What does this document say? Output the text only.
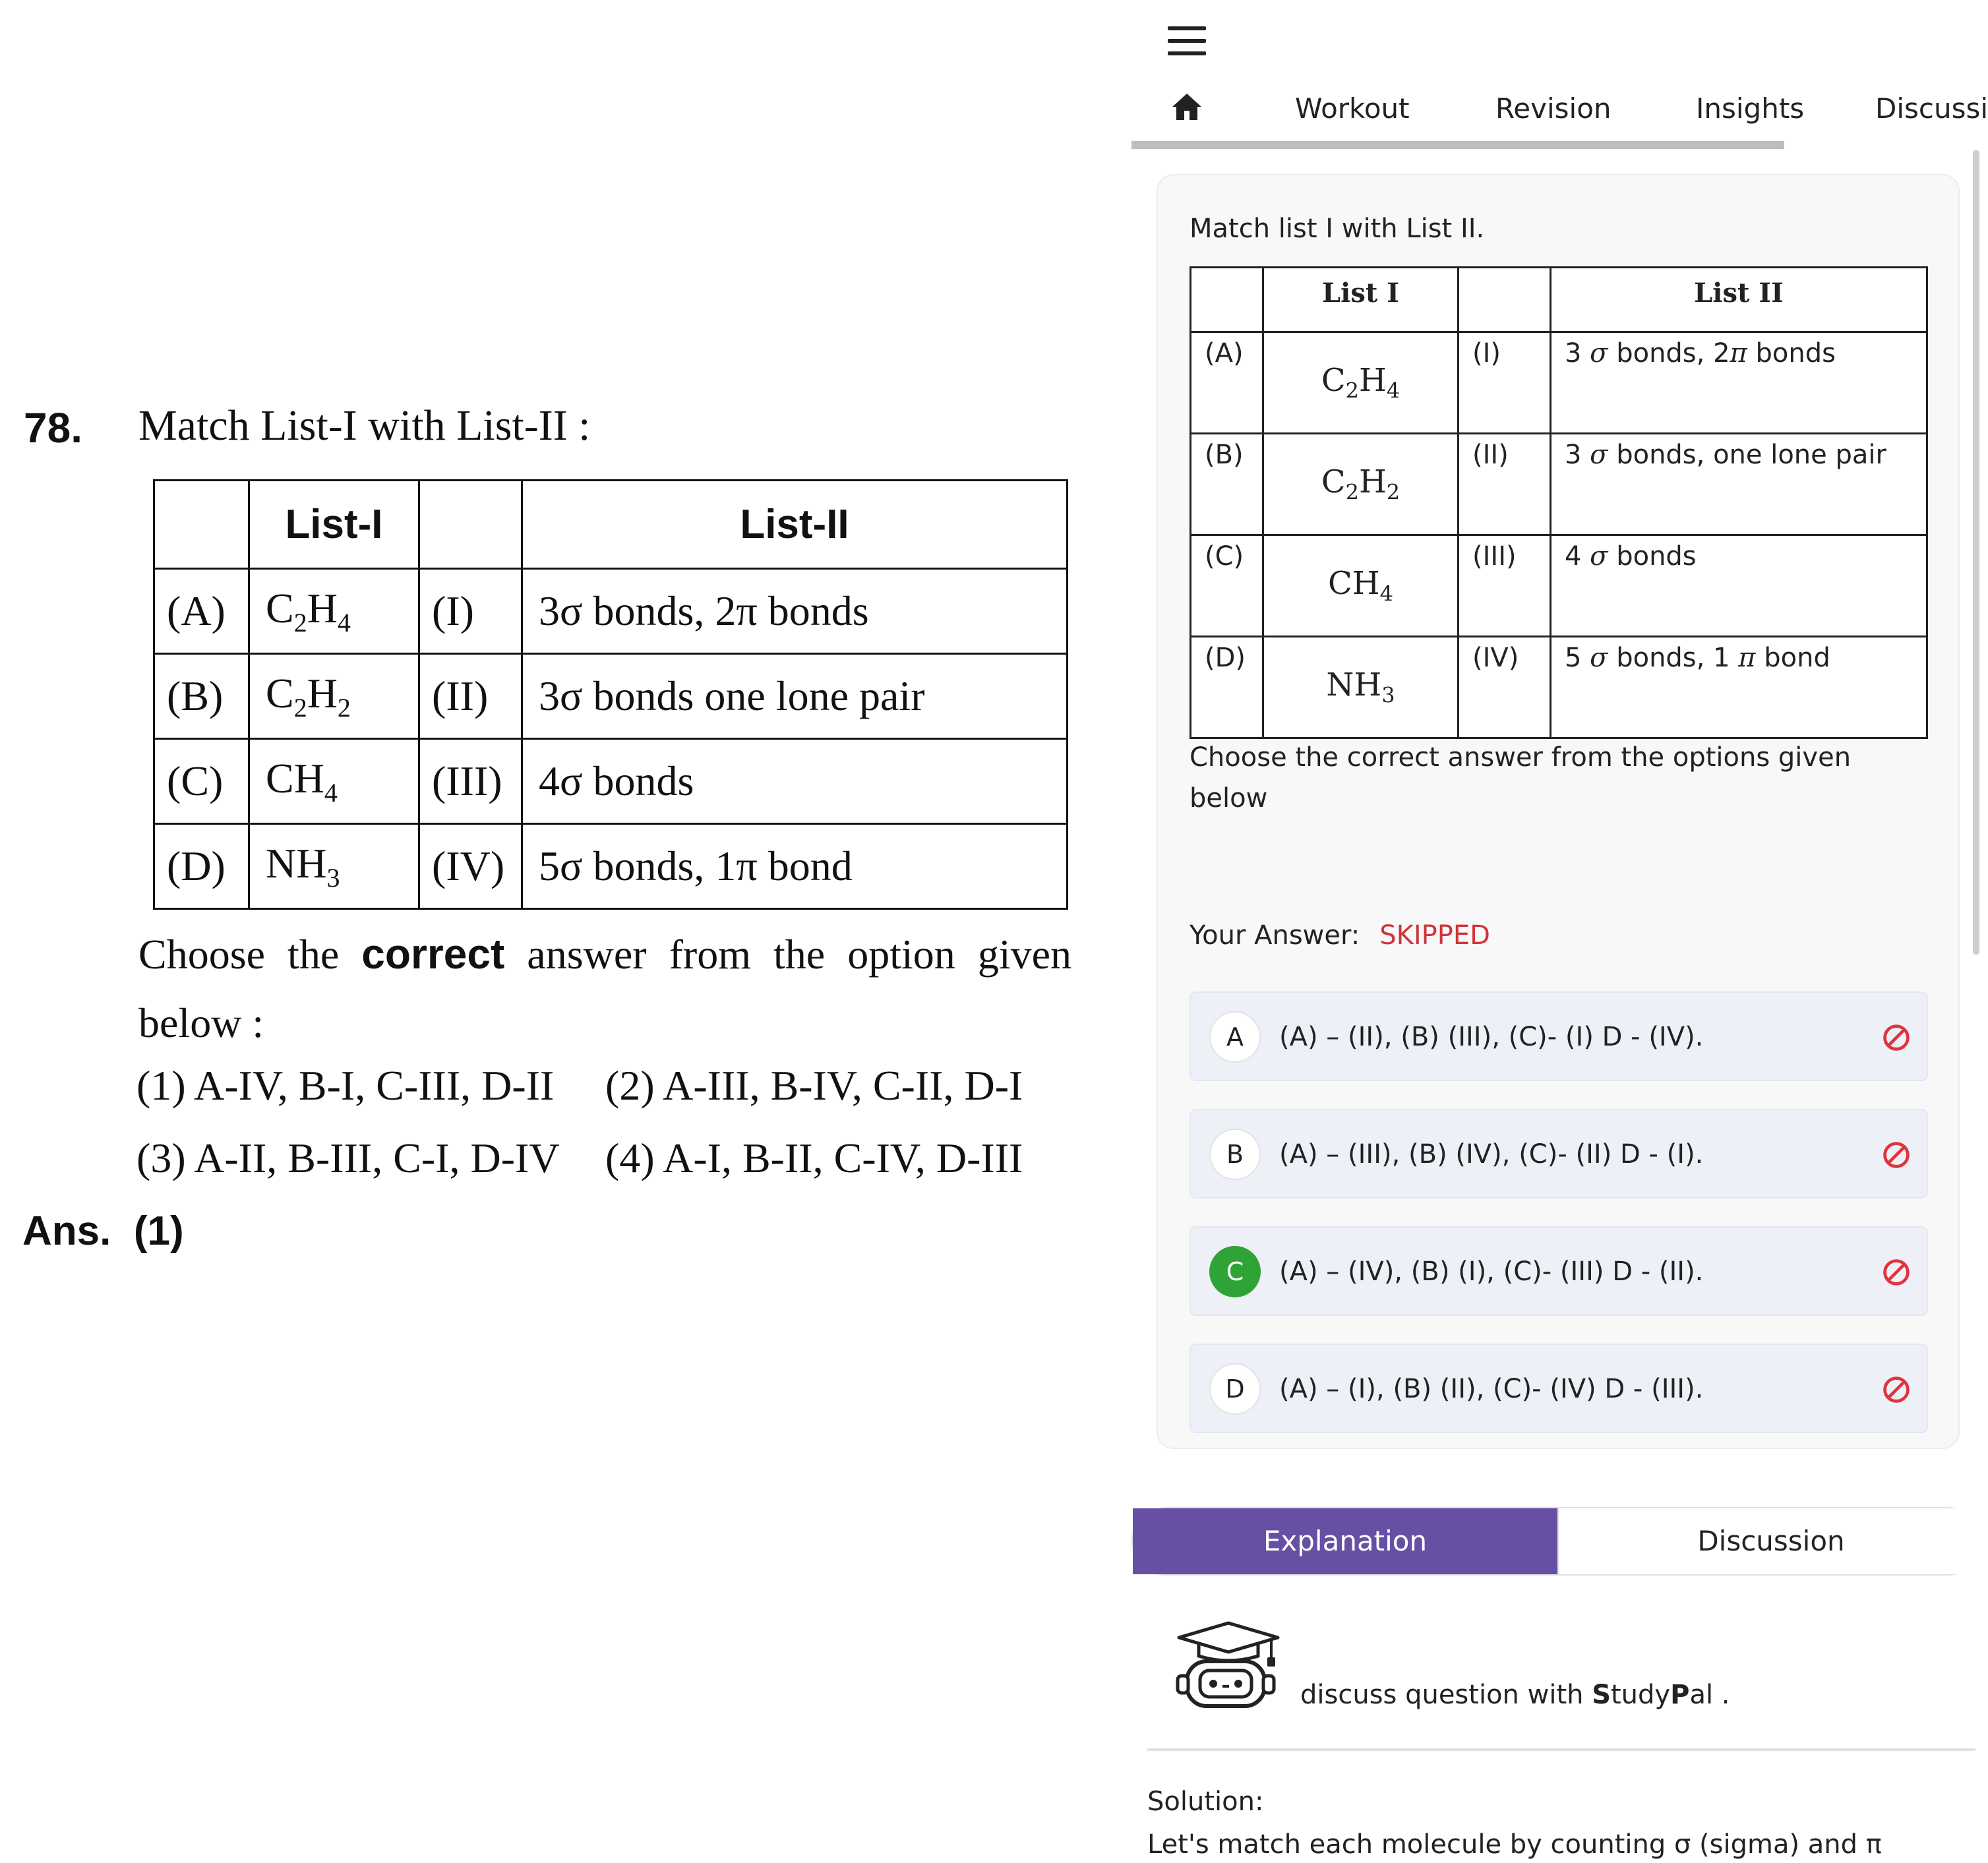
78. Match List-I with List-II :
	List-I		List-II
(A)	$C_2H_4$	(I)	3σ bonds, 2π bonds
(B)	$C_2H_2$	(II)	3σ bonds one lone pair
(C)	$CH_4$	(III)	4σ bonds
(D)	$NH_3$	(IV)	5σ bonds, 1π bond
Choose the correct answer from the option given below :
(1) A-IV, B-I, C-III, D-II (2) A-III, B-IV, C-II, D-I
(3) A-II, B-III, C-I, D-IV (4) A-I, B-II, C-IV, D-III
Ans. (1)
Workout	Revision	Insights	Discussi
Match list I with List II.
	List I		List II
(A)	$C_2H_4$	(I)	3 σ bonds, 2π bonds
(B)	$C_2H_2$	(II)	3 σ bonds, one lone pair
(C)	$CH_4$	(III)	4 σ bonds
(D)	$NH_3$	(IV)	5 σ bonds, 1 π bond
Choose the correct answer from the options given below
Your Answer: SKIPPED
A	(A) – (II), (B) (III), (C)- (I) D - (IV).
B	(A) – (III), (B) (IV), (C)- (II) D - (I).
C	(A) – (IV), (B) (I), (C)- (III) D - (II).
D	(A) – (I), (B) (II), (C)- (IV) D - (III).
Explanation	Discussion
discuss question with StudyPal .
Solution:
Let's match each molecule by counting σ (sigma) and π
